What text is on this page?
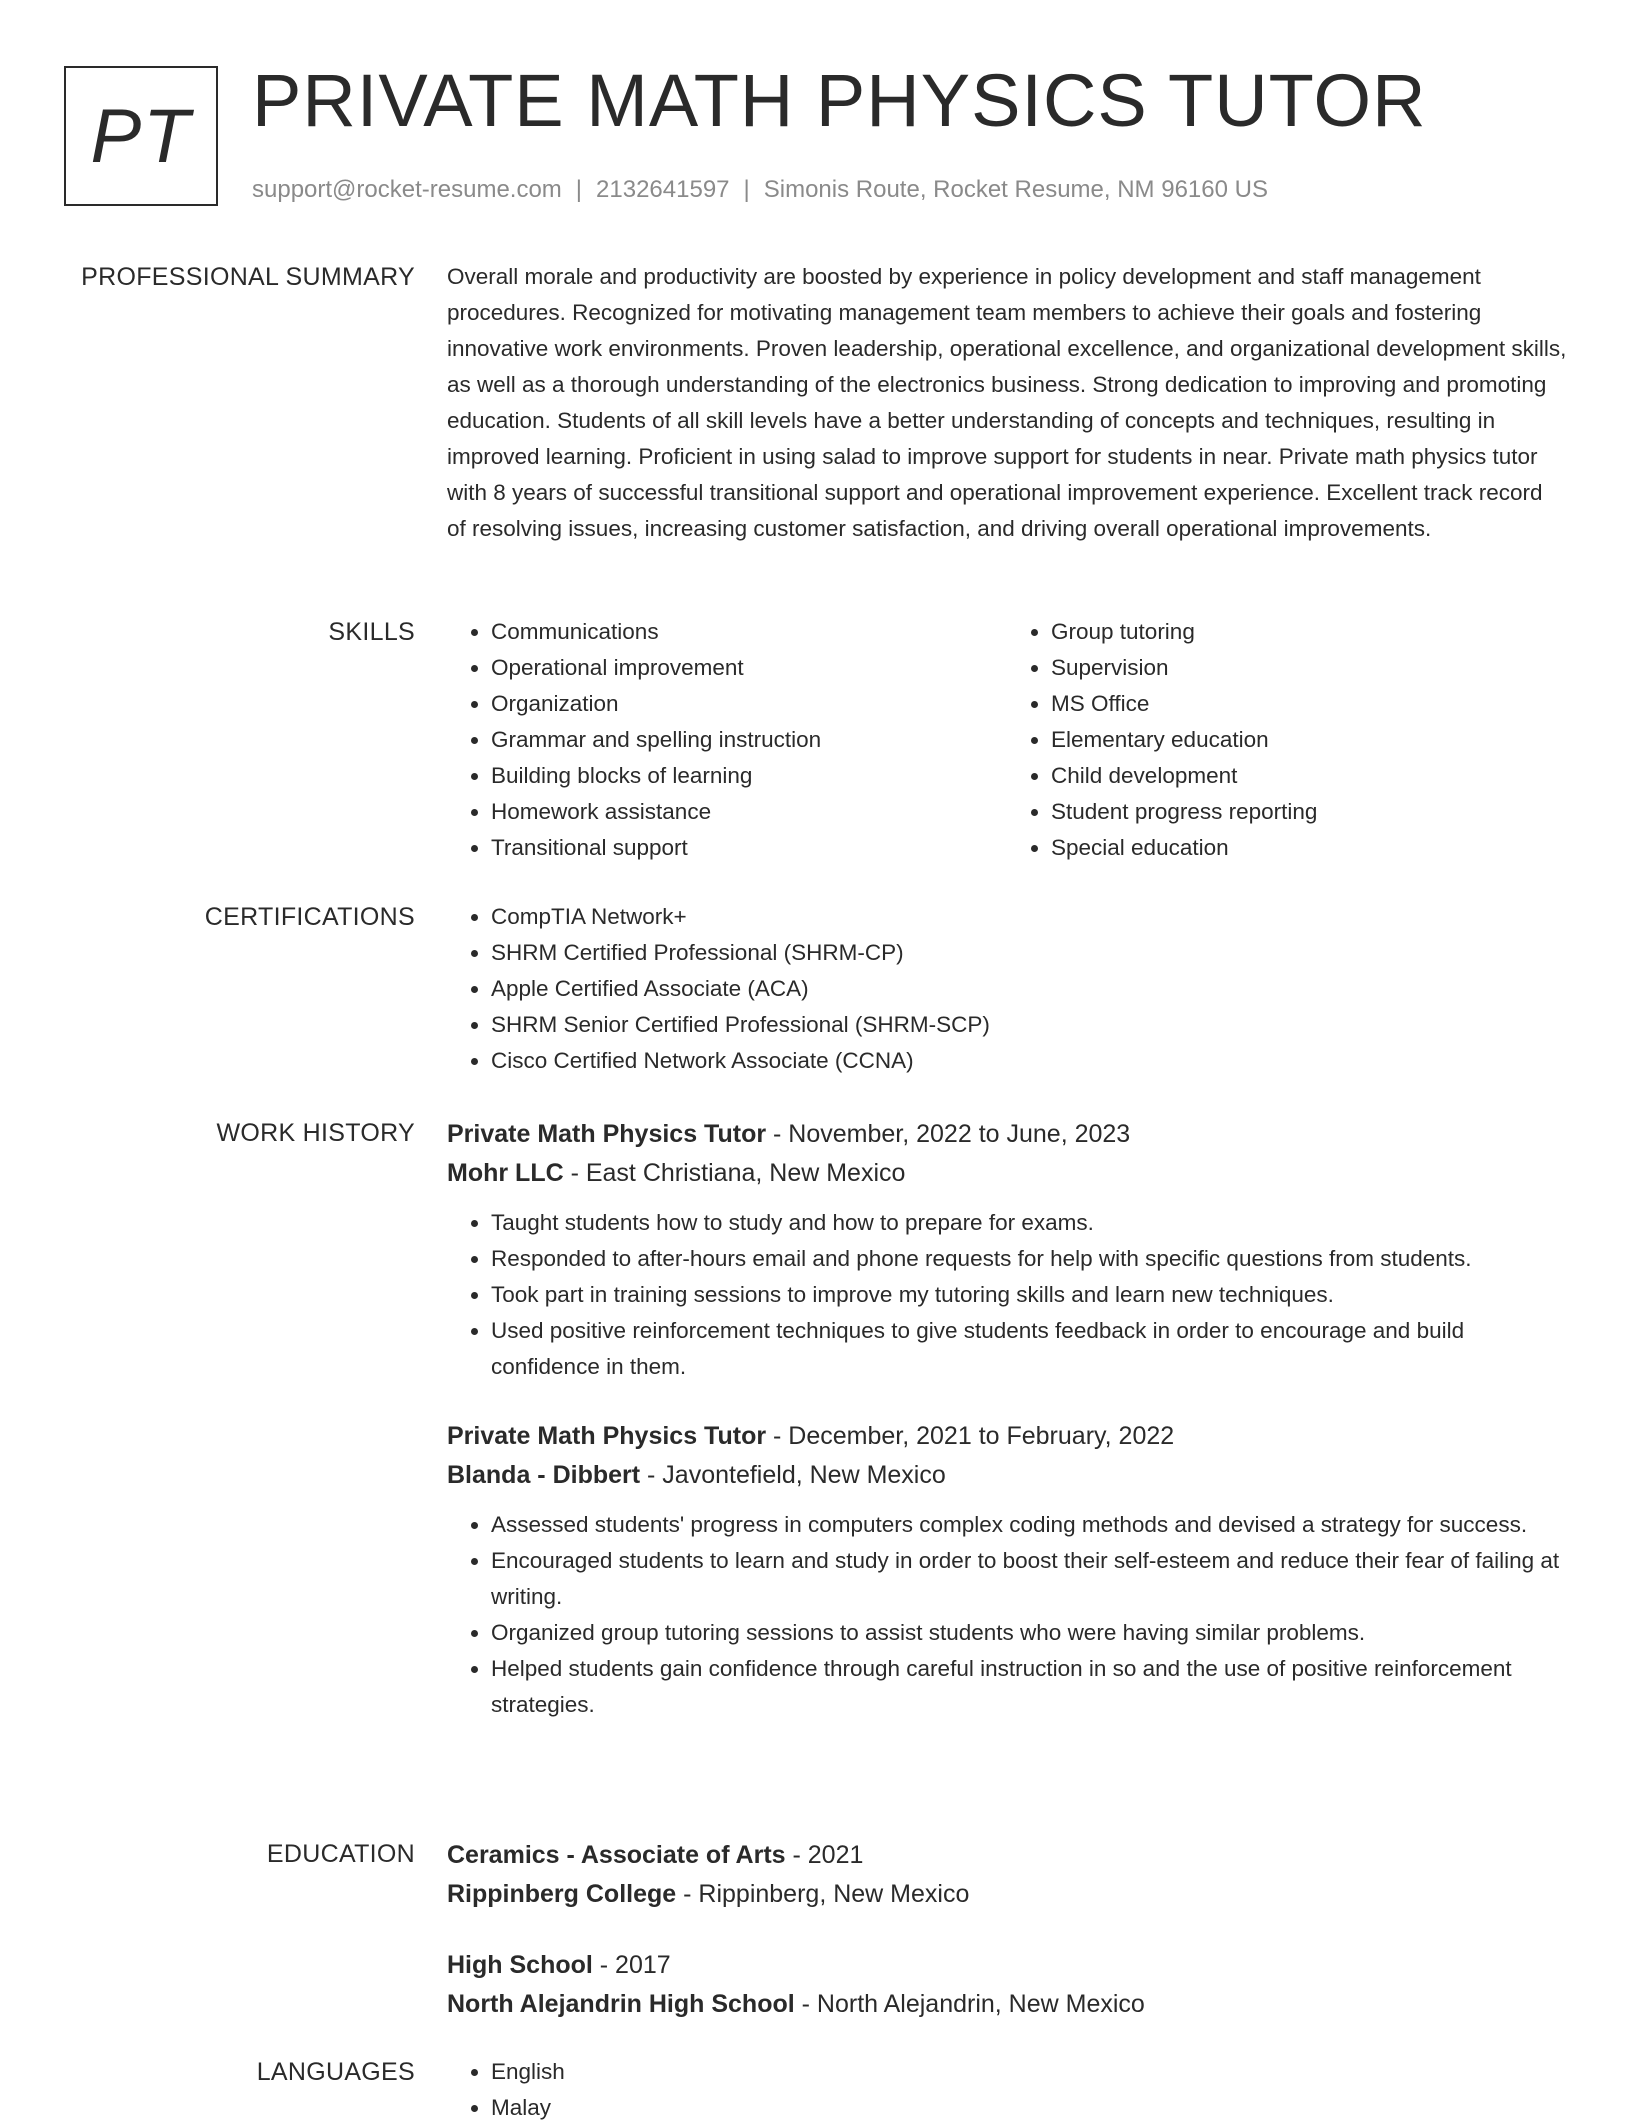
PT PRIVATE MATH PHYSICS TUTOR
support@rocket-resume.com | 2132641597 | Simonis Route, Rocket Resume, NM 96160 US
PROFESSIONAL SUMMARY Overall morale and productivity are boosted by experience in policy development and staff management procedures. Recognized for motivating management team members to achieve their goals and fostering innovative work environments. Proven leadership, operational excellence, and organizational development skills, as well as a thorough understanding of the electronics business. Strong dedication to improving and promoting education. Students of all skill levels have a better understanding of concepts and techniques, resulting in improved learning. Proficient in using salad to improve support for students in near. Private math physics tutor with 8 years of successful transitional support and operational improvement experience. Excellent track record of resolving issues, increasing customer satisfaction, and driving overall operational improvements.

SKILLS	• Communications
• Operational improvement
• Organization
• Grammar and spelling instruction
• Building blocks of learning
• Homework assistance
• Transitional support
• Group tutoring
• Supervision
• MS Office
• Elementary education
• Child development
• Student progress reporting
• Special education
CERTIFICATIONS	• CompTIA Network+
• SHRM Certified Professional (SHRM-CP)
• Apple Certified Associate (ACA)
• SHRM Senior Certified Professional (SHRM-SCP)
• Cisco Certified Network Associate (CCNA)
WORK HISTORY Private Math Physics Tutor - November, 2022 to June, 2023
Mohr LLC - East Christiana, New Mexico
• Taught students how to study and how to prepare for exams.
• Responded to after-hours email and phone requests for help with specific questions from students.
• Took part in training sessions to improve my tutoring skills and learn new techniques.
• Used positive reinforcement techniques to give students feedback in order to encourage and build confidence in them.
Private Math Physics Tutor - December, 2021 to February, 2022
Blanda - Dibbert - Javontefield, New Mexico
• Assessed students' progress in computers complex coding methods and devised a strategy for success.
• Encouraged students to learn and study in order to boost their self-esteem and reduce their fear of failing at writing.
• Organized group tutoring sessions to assist students who were having similar problems.
• Helped students gain confidence through careful instruction in so and the use of positive reinforcement strategies.
EDUCATION Ceramics - Associate of Arts - 2021
Rippinberg College - Rippinberg, New Mexico
High School - 2017
North Alejandrin High School - North Alejandrin, New Mexico
LANGUAGES	• English
• Malay
